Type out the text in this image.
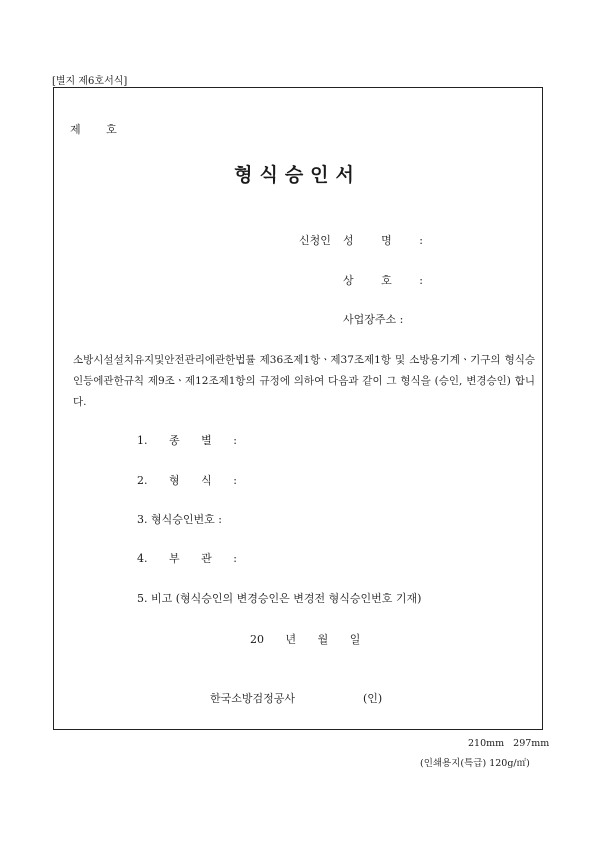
[별지 제6호서식]
제 호
형식승인서
신청인 성 명 :
상 호 :
사업장주소 :
소방시설설치유지및안전관리에관한법률 제36조제1항ㆍ제37조제1항 및 소방용기계ㆍ기구의 형식승인등에관한규칙 제9조ㆍ제12조제1항의 규정에 의하여 다음과 같이 그 형식을 (승인, 변경승인) 합니다.
1. 종 별 :
2. 형 식 :
3. 형식승인번호 :
4. 부 관 :
5. 비고 (형식승인의 변경승인은 변경전 형식승인번호 기재)
20 년 월 일
한국소방검정공사	(인)
210mm 297mm
(인쇄용지(특급) 120g/㎡)
